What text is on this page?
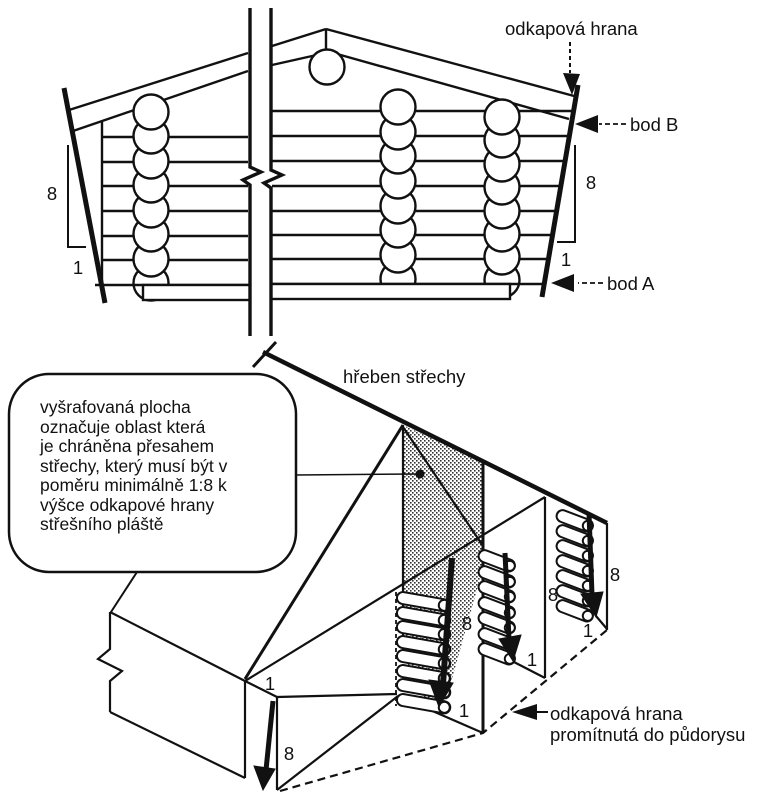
8
1
8
1
odkapová hrana
bod B
bod A
1
8
1
8
1
8
1
8
hřeben střechy
odkapová hrana
promítnutá do půdorysu
vyšrafovaná plocha
označuje oblast která
je chráněna přesahem
střechy, který musí být v
poměru minimálně 1:8 k
výšce odkapové hrany
střešního pláště
